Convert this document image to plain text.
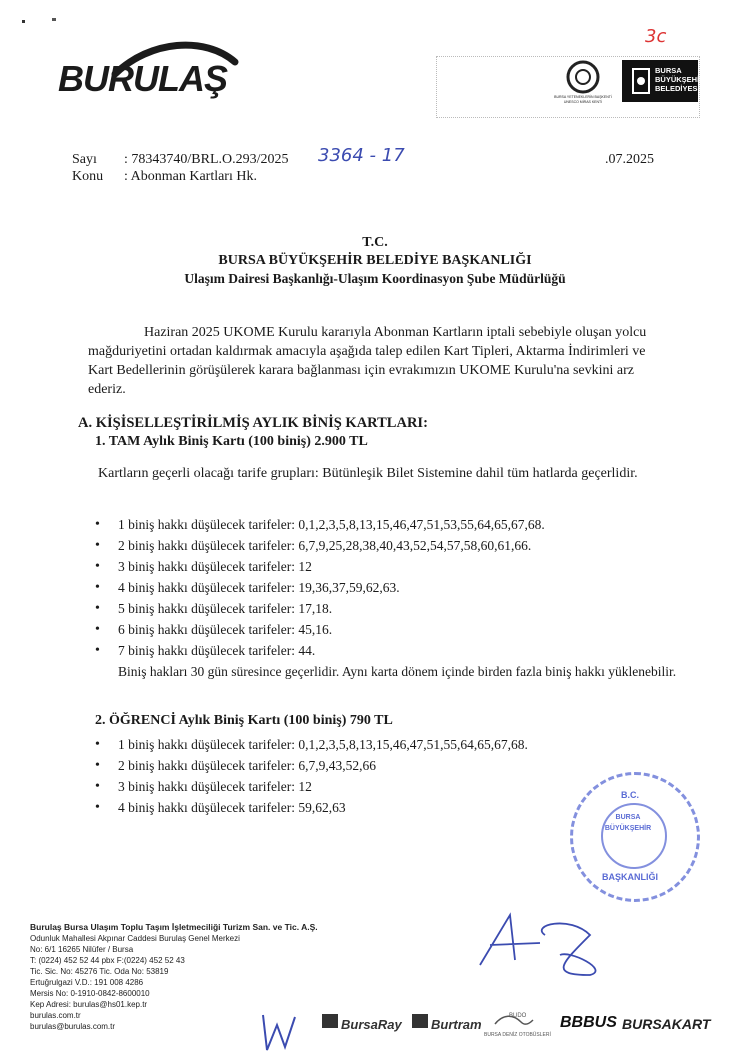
3c
BURULAŞ	BURSA YETENEKLERİN BAŞKENTİ UNESCO MİRAS KENTİ
BURSA BÜYÜKŞEHİR BELEDİYESİ
Sayı : 78343740/BRL.O.293/2025 3364 - 17	.07.2025
Konu : Abonman Kartları Hk.
T.C.
BURSA BÜYÜKŞEHİR BELEDİYE BAŞKANLIĞI
Ulaşım Dairesi Başkanlığı-Ulaşım Koordinasyon Şube Müdürlüğü
Haziran 2025 UKOME Kurulu kararıyla Abonman Kartların iptali sebebiyle oluşan yolcu mağduriyetini ortadan kaldırmak amacıyla aşağıda talep edilen Kart Tipleri, Aktarma İndirimleri ve Kart Bedellerinin görüşülerek karara bağlanması için evrakımızın UKOME Kurulu'na sevkini arz ederiz.
A. KİŞİSELLEŞTİRİLMİŞ AYLIK BİNİŞ KARTLARI:
1. TAM Aylık Biniş Kartı (100 biniş) 2.900 TL
Kartların geçerli olacağı tarife grupları: Bütünleşik Bilet Sistemine dahil tüm hatlarda geçerlidir.
• 1 biniş hakkı düşülecek tarifeler: 0,1,2,3,5,8,13,15,46,47,51,53,55,64,65,67,68.
• 2 biniş hakkı düşülecek tarifeler: 6,7,9,25,28,38,40,43,52,54,57,58,60,61,66.
• 3 biniş hakkı düşülecek tarifeler: 12
• 4 biniş hakkı düşülecek tarifeler: 19,36,37,59,62,63.
• 5 biniş hakkı düşülecek tarifeler: 17,18.
• 6 biniş hakkı düşülecek tarifeler: 45,16.
• 7 biniş hakkı düşülecek tarifeler: 44.
Biniş hakları 30 gün süresince geçerlidir. Aynı karta dönem içinde birden fazla biniş hakkı yüklenebilir.
2. ÖĞRENCİ Aylık Biniş Kartı (100 biniş) 790 TL
• 1 biniş hakkı düşülecek tarifeler: 0,1,2,3,5,8,13,15,46,47,51,55,64,65,67,68.
• 2 biniş hakkı düşülecek tarifeler: 6,7,9,43,52,66
• 3 biniş hakkı düşülecek tarifeler: 12
• 4 biniş hakkı düşülecek tarifeler: 59,62,63
B.C.
BURSA BÜYÜKŞEHİR
BAŞKANLIĞI
Burulaş Bursa Ulaşım Toplu Taşım İşletmeciliği Turizm San. ve Tic. A.Ş.
Odunluk Mahallesi Akpınar Caddesi Burulaş Genel Merkezi
No: 6/1 16265 Nilüfer / Bursa
T: (0224) 452 52 44 pbx F:(0224) 452 52 43
Tic. Sic. No: 45276 Tic. Oda No: 53819
Ertuğrulgazi V.D.: 191 008 4286
Mersis No: 0-1910-0842-8600010
Kep Adresi: burulas@hs01.kep.tr
burulas.com.tr
burulas@burulas.com.tr	BursaRay Burtram
BUDO
BURSA DENİZ OTOBÜSLERİ
BBBUS BURSAKART
